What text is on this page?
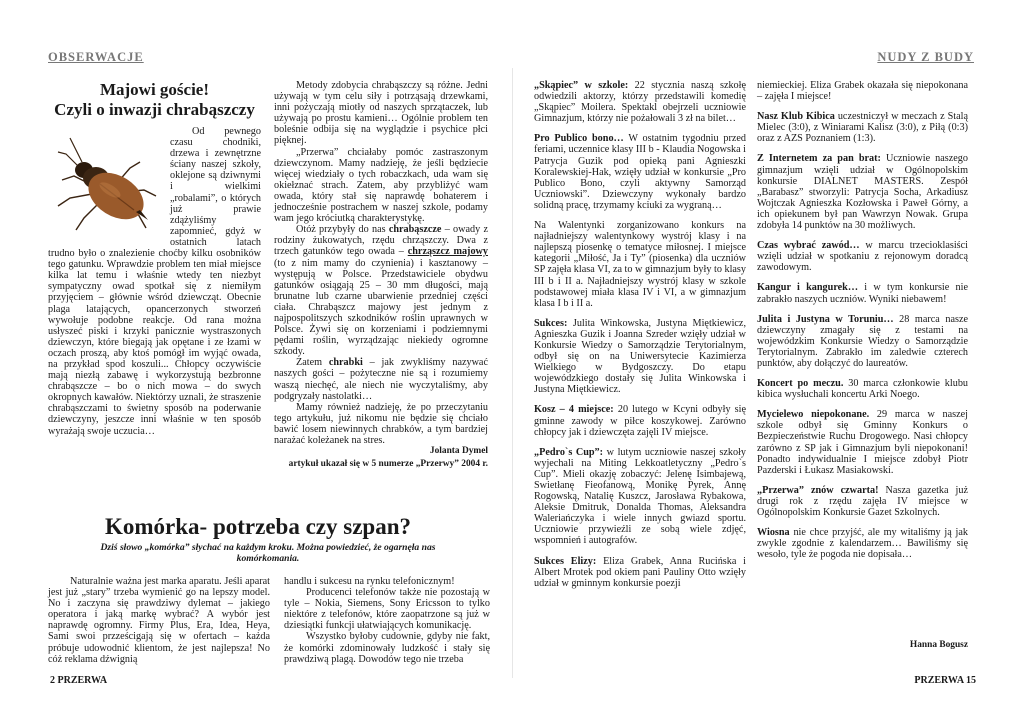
OBSERWACJE

Majowi goście!

Czyli o inwazji chrabąszczy

Od pewnego czasu chodniki, drzewa i zewnętrzne ściany naszej szkoły, oklejone są dziwnymi i wielkimi „robalami”, o których już prawie zdążyliśmy zapomnieć, gdyż w ostatnich latach trudno było o znalezienie choćby kilku osobników tego gatunku. Wprawdzie problem ten miał miejsce kilka lat temu i właśnie wtedy ten niezbyt sympatyczny owad spotkał się z niemiłym przyjęciem – głównie wśród dziewcząt. Obecnie plaga latających, opancerzonych stworzeń wywołuje podobne reakcje. Od rana można usłyszeć piski i krzyki panicznie wystraszonych dziewczyn, które biegają jak opętane i ze łzami w oczach proszą, aby ktoś pomógł im wyjąć owada, na przykład spod koszuli... Chłopcy oczywiście mają niezłą zabawę i wykorzystują bezbronne chrabąszcze – bo o nich mowa – do swych okropnych kawałów. Niektórzy uznali, że straszenie chrabąszczami to świetny sposób na poderwanie dziewczyny, jeszcze inni właśnie w ten sposób wyrażają swoje uczucia…

Metody zdobycia chrabąszczy są różne. Jedni używają w tym celu siły i potrząsają drzewkami, inni pożyczają miotły od naszych sprzątaczek, lub używają po prostu kamieni… Ogólnie problem ten boleśnie odbija się na wyglądzie i psychice płci pięknej.

„Przerwa” chciałaby pomóc zastraszonym dziewczynom. Mamy nadzieję, że jeśli będziecie więcej wiedziały o tych robaczkach, uda wam się okiełznać strach. Zatem, aby przybliżyć wam owada, który stał się naprawdę bohaterem i jednocześnie postrachem w naszej szkole, podamy wam jego króciutką charakterystykę.

Otóż przybyły do nas chrabąszcze – owady z rodziny żukowatych, rzędu chrząszczy. Dwa z trzech gatunków tego owada – chrząszcz majowy (to z nim mamy do czynienia) i kasztanowy – występują w Polsce. Przedstawiciele obydwu gatunków osiągają 25 – 30 mm długości, mają brunatne lub czarne ubarwienie przedniej części ciała. Chrabąszcz majowy jest jednym z najpospolitszych szkodników roślin uprawnych w Polsce. Żywi się on korzeniami i podziemnymi pędami roślin, wyrządzając niekiedy ogromne szkody.

Zatem chrabki – jak zwykliśmy nazywać naszych gości – pożyteczne nie są i rozumiemy waszą niechęć, ale niech nie wyczytaliśmy, aby podgryzały nastolatki…

Mamy również nadzieję, że po przeczytaniu tego artykułu, już nikomu nie będzie się chciało bawić losem niewinnych chrabków, a tym bardziej narażać koleżanek na stres.

Jolanta Dymel

artykuł ukazał się w 5 numerze „Przerwy” 2004 r.

Komórka- potrzeba czy szpan?
Dziś słowo „komórka” słychać na każdym kroku. Można powiedzieć, że ogarnęła nas komórkomania.

Naturalnie ważna jest marka aparatu. Jeśli aparat jest już „stary” trzeba wymienić go na lepszy model. No i zaczyna się prawdziwy dylemat – jakiego operatora i jaką markę wybrać? A wybór jest naprawdę ogromny. Firmy Plus, Era, Idea, Heya, Sami swoi przześcigają się w ofertach – każda próbuje udowodnić klientom, że jest najlepsza! No cóż reklama dźwignią

handlu i sukcesu na rynku telefonicznym!

Producenci telefonów także nie pozostają w tyle – Nokia, Siemens, Sony Ericsson to tylko niektóre z telefonów, które zaopatrzone są już w dziesiątki funkcji ułatwiających komunikację.

Wszystko byłoby cudownie, gdyby nie fakt, że komórki zdominowały ludzkość i stały się prawdziwą plagą. Dowodów tego nie trzeba

2 PRZERWA
NUDY Z BUDY

„Skąpiec” w szkole: 22 stycznia naszą szkołę odwiedzili aktorzy, którzy przedstawili komedię „Skąpiec” Moilera. Spektakl obejrzeli uczniowie Gimnazjum, którzy nie pożałowali 3 zł na bilet…

Pro Publico bono… W ostatnim tygodniu przed feriami, uczennice klasy III b - Klaudia Nogowska i Patrycja Guzik pod opieką pani Agnieszki Koralewskiej-Hak, wzięły udział w konkursie „Pro Publico Bono, czyli aktywny Samorząd Uczniowski”. Dziewczyny wykonały bardzo solidną pracę, trzymamy kciuki za wygraną…

Na Walentynki zorganizowano konkurs na najładniejszy walentynkowy wystrój klasy i na najlepszą piosenkę o tematyce miłosnej. I miejsce kategorii „Miłość, Ja i Ty” (piosenka) dla uczniów SP zajęła klasa VI, za to w gimnazjum były to klasy III b i II a. Najładniejszy wystrój klasy w szkole podstawowej miała klasa IV i VI, a w gimnazjum klasa I b i II a.

Sukces: Julita Winkowska, Justyna Miętkiewicz, Agnieszka Guzik i Joanna Szreder wzięły udział w Konkursie Wiedzy o Samorządzie Terytorialnym, odbył się on na Uniwersytecie Kazimierza Wielkiego w Bydgoszczy. Do etapu wojewódzkiego dostały się Julita Winkowska i Justyna Miętkiewicz.

Kosz – 4 miejsce: 20 lutego w Kcyni odbyły się gminne zawody w piłce koszykowej. Zarówno chłopcy jak i dziewczęta zajęli IV miejsce.

„Pedro`s Cup”: w lutym uczniowie naszej szkoły wyjechali na Miting Lekkoatletyczny „Pedro`s Cup”. Mieli okazję zobaczyć: Jelenę Isimbajewą, Swietłanę Fieofanową, Monikę Pyrek, Annę Rogowską, Natalię Kuszcz, Jarosława Rybakowa, Aleksie Dmitruk, Donalda Thomas, Aleksandra Waleriańczyka i wiele innych gwiazd sportu. Uczniowie przywieźli ze sobą wiele zdjęć, wspomnień i autografów.

Sukces Elizy: Eliza Grabek, Anna Rucińska i Albert Mrotek pod okiem pani Pauliny Otto wzięły udział w gminnym konkursie poezji

niemieckiej. Eliza Grabek okazała się niepokonana – zajęła I miejsce!

Nasz Klub Kibica uczestniczył w meczach z Stalą Mielec (3:0), z Winiarami Kalisz (3:0), z Piłą (0:3) oraz z AZS Poznaniem (1:3).

Z Internetem za pan brat: Uczniowie naszego gimnazjum wzięli udział w Ogólnopolskim konkursie DIALNET MASTERS. Zespół „Barabasz” stworzyli: Patrycja Socha, Arkadiusz Wojtczak Agnieszka Kozłowska i Paweł Górny, a ich opiekunem był pan Wawrzyn Nowak. Grupa zdobyła 14 punktów na 30 możliwych.

Czas wybrać zawód… w marcu trzecioklasiści wzięli udział w spotkaniu z rejonowym doradcą zawodowym.

Kangur i kangurek… i w tym konkursie nie zabrakło naszych uczniów. Wyniki niebawem!

Julita i Justyna w Toruniu… 28 marca nasze dziewczyny zmagały się z testami na wojewódzkim Konkursie Wiedzy o Samorządzie Terytorialnym. Zabrakło im zaledwie czterech punktów, aby dołączyć do laureatów.

Koncert po meczu. 30 marca członkowie klubu kibica wysłuchali koncertu Arki Noego.

Mycielewo niepokonane. 29 marca w naszej szkole odbył się Gminny Konkurs o Bezpieczeństwie Ruchu Drogowego. Nasi chłopcy zarówno z SP jak i Gimnazjum byli niepokonani! Ponadto indywidualnie I miejsce zdobył Piotr Pazderski i Łukasz Masiakowski.

„Przerwa” znów czwarta! Nasza gazetka już drugi rok z rzędu zajęła IV miejsce w Ogólnopolskim Konkursie Gazet Szkolnych.

Wiosna nie chce przyjść, ale my witaliśmy ją jak zwykle zgodnie z kalendarzem… Bawiliśmy się wesoło, tyle że pogoda nie dopisała…

Hanna Bogusz

PRZERWA 15
